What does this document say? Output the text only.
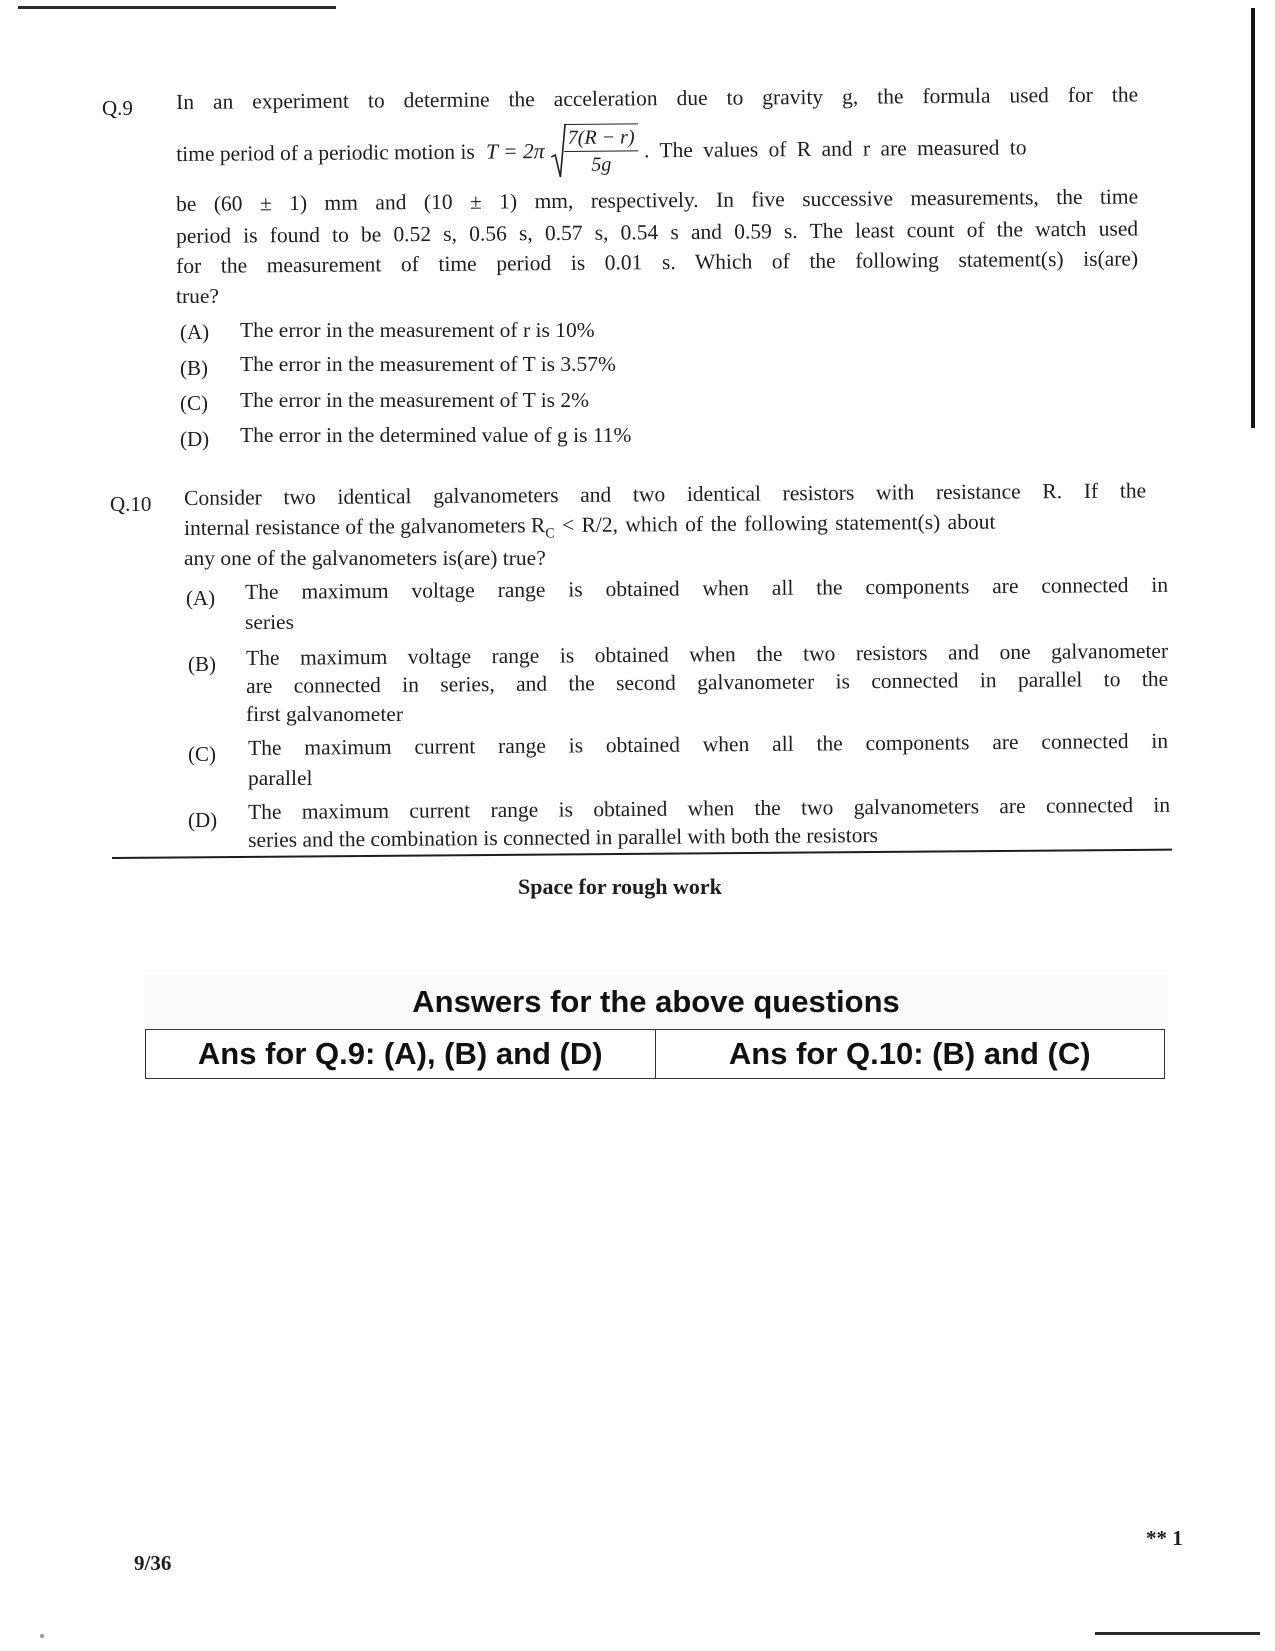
Q.9 In an experiment to determine the acceleration due to gravity g, the formula used for the
time period of a periodic motion is $T = 2\pi \frac{7(R - r)}{5g}$ . The values of R and r are measured to
be (60 ± 1) mm and (10 ± 1) mm, respectively. In five successive measurements, the time
period is found to be 0.52 s, 0.56 s, 0.57 s, 0.54 s and 0.59 s. The least count of the watch used
for the measurement of time period is 0.01 s. Which of the following statement(s) is(are)
true?
(A) The error in the measurement of r is 10%
(B) The error in the measurement of T is 3.57%
(C) The error in the measurement of T is 2%
(D) The error in the determined value of g is 11%
Q.10 Consider two identical galvanometers and two identical resistors with resistance R. If the
internal resistance of the galvanometers $R_C < R/2$, which of the following statement(s) about
any one of the galvanometers is(are) true?
(A) The maximum voltage range is obtained when all the components are connected in
series
(B) The maximum voltage range is obtained when the two resistors and one galvanometer
are connected in series, and the second galvanometer is connected in parallel to the
first galvanometer
(C) The maximum current range is obtained when all the components are connected in
parallel
(D) The maximum current range is obtained when the two galvanometers are connected in
series and the combination is connected in parallel with both the resistors
Space for rough work
Answers for the above questions
Ans for Q.9: (A), (B) and (D)	Ans for Q.10: (B) and (C)
** 1
9/36
